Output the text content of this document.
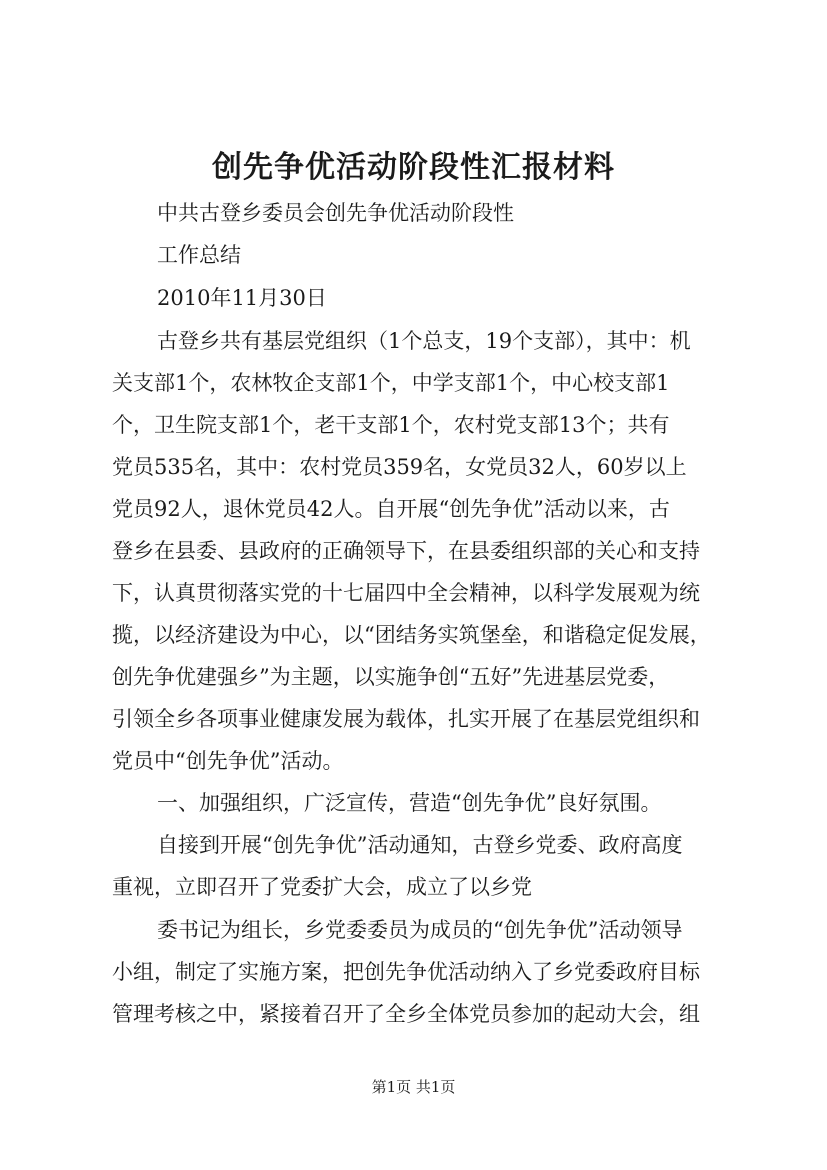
创先争优活动阶段性汇报材料
中共古登乡委员会创先争优活动阶段性
工作总结
2010年11月30日
古登乡共有基层党组织（1个总支，19个支部），其中：机
关支部1个，农林牧企支部1个，中学支部1个，中心校支部1
个，卫生院支部1个，老干支部1个，农村党支部13个；共有
党员535名，其中：农村党员359名，女党员32人，60岁以上
党员92人，退休党员42人。自开展“创先争优”活动以来，古
登乡在县委、县政府的正确领导下，在县委组织部的关心和支持
下，认真贯彻落实党的十七届四中全会精神，以科学发展观为统
揽，以经济建设为中心，以“团结务实筑堡垒，和谐稳定促发展，
创先争优建强乡”为主题，以实施争创“五好”先进基层党委，
引领全乡各项事业健康发展为载体，扎实开展了在基层党组织和
党员中“创先争优”活动。
一、加强组织，广泛宣传，营造“创先争优”良好氛围。
自接到开展“创先争优”活动通知，古登乡党委、政府高度
重视，立即召开了党委扩大会，成立了以乡党
委书记为组长，乡党委委员为成员的“创先争优”活动领导
小组，制定了实施方案，把创先争优活动纳入了乡党委政府目标
管理考核之中，紧接着召开了全乡全体党员参加的起动大会，组
第1页 共1页
